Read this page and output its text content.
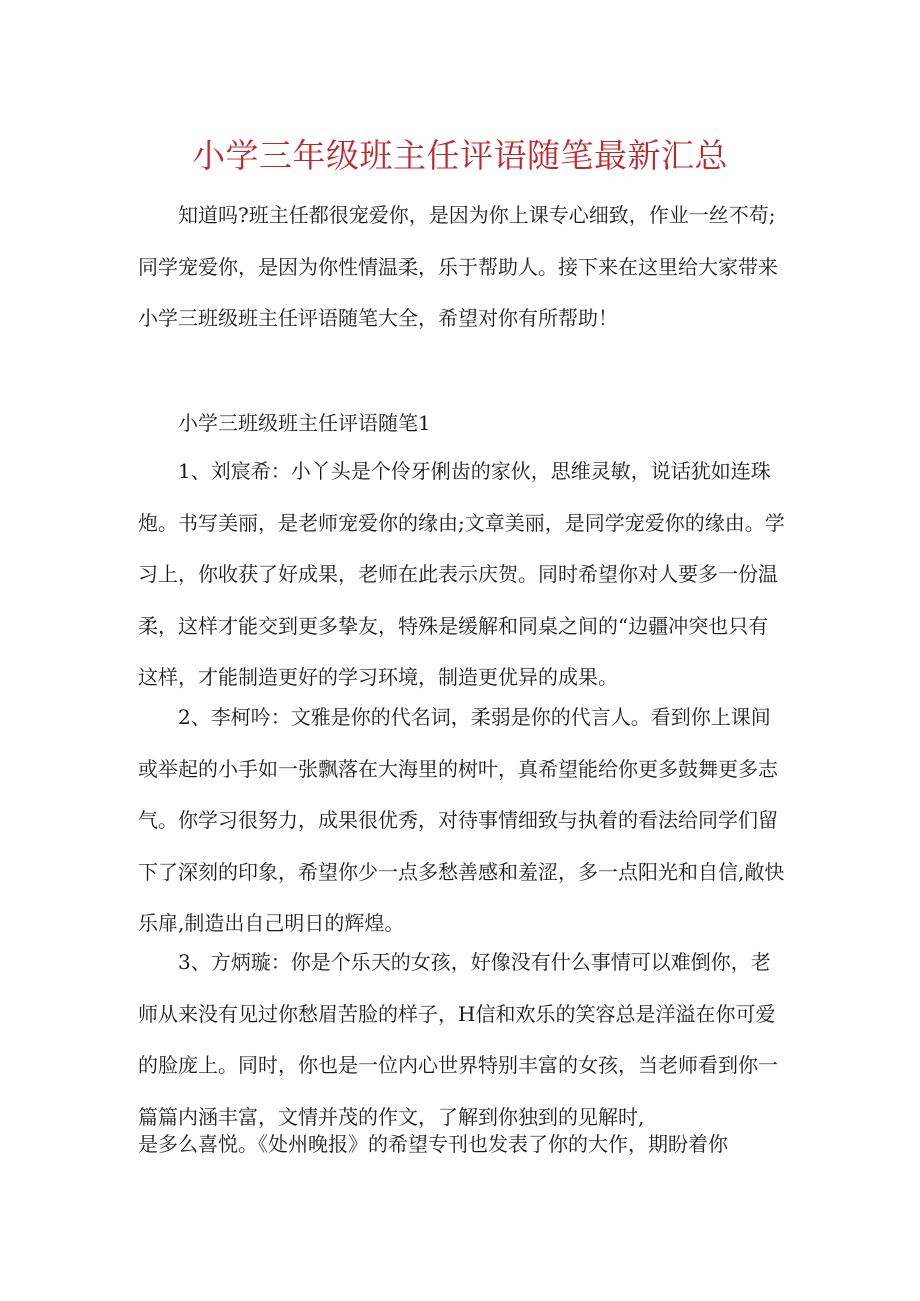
小学三年级班主任评语随笔最新汇总

知道吗?班主任都很宠爱你，是因为你上课专心细致，作业一丝不苟;同学宠爱你，是因为你性情温柔，乐于帮助人。接下来在这里给大家带来小学三班级班主任评语随笔大全，希望对你有所帮助！

小学三班级班主任评语随笔1

1、刘宸希：小丫头是个伶牙俐齿的家伙，思维灵敏，说话犹如连珠炮。书写美丽，是老师宠爱你的缘由;文章美丽，是同学宠爱你的缘由。学习上，你收获了好成果，老师在此表示庆贺。同时希望你对人要多一份温柔，这样才能交到更多挚友，特殊是缓解和同桌之间的“边疆冲突也只有这样，才能制造更好的学习环境，制造更优异的成果。

2、李柯吟：文雅是你的代名词，柔弱是你的代言人。看到你上课间或举起的小手如一张飘落在大海里的树叶，真希望能给你更多鼓舞更多志气。你学习很努力，成果很优秀，对待事情细致与执着的看法给同学们留下了深刻的印象，希望你少一点多愁善感和羞涩，多一点阳光和自信,敞快乐扉,制造出自己明日的辉煌。

3、方炳璇：你是个乐天的女孩，好像没有什么事情可以难倒你，老师从来没有见过你愁眉苦脸的样子，H信和欢乐的笑容总是洋溢在你可爱的脸庞上。同时，你也是一位内心世界特别丰富的女孩，当老师看到你一篇篇内涵丰富，文情并茂的作文，了解到你独到的见解时,

是多么喜悦。《处州晚报》的希望专刊也发表了你的大作，期盼着你
